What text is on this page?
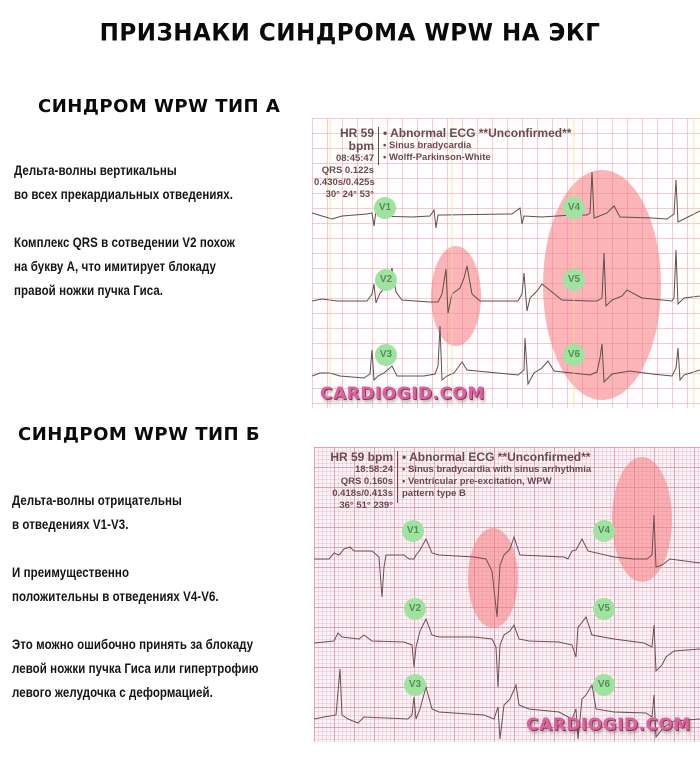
ПРИЗНАКИ СИНДРОМА WPW НА ЭКГ
СИНДРОМ WPW ТИП А

Дельта-волны вертикальны
во всех прекардиальных отведениях.

Комплекс QRS в сотведении V2 похож
на букву А, что имитирует блокаду
правой ножки пучка Гиса.

HR 59 bpm
08:45:47
QRS 0.122s
0.430s/0.425s
30° 24° 53°
• Abnormal ECG **Unconfirmed**
• Sinus bradycardia
• Wolff-Parkinson-White
V1
V2
V3
V4
V5
V6
CARDIOGID.COM
СИНДРОМ WPW ТИП Б

Дельта-волны отрицательны
в отведениях V1-V3.

И преимущественно
положительны в отведениях V4-V6.

Это можно ошибочно принять за блокаду
левой ножки пучка Гиса или гипертрофию
левого желудочка с деформацией.

HR 59 bpm
18:58:24
QRS 0.160s
0.418s/0.413s
36° 51° 239°
• Abnormal ECG **Unconfirmed**
• Sinus bradycardia with sinus arrhythmia
• Ventricular pre-excitation, WPW
pattern type B
V1
V2
V3
V4
V5
V6
CARDIOGID.COM
